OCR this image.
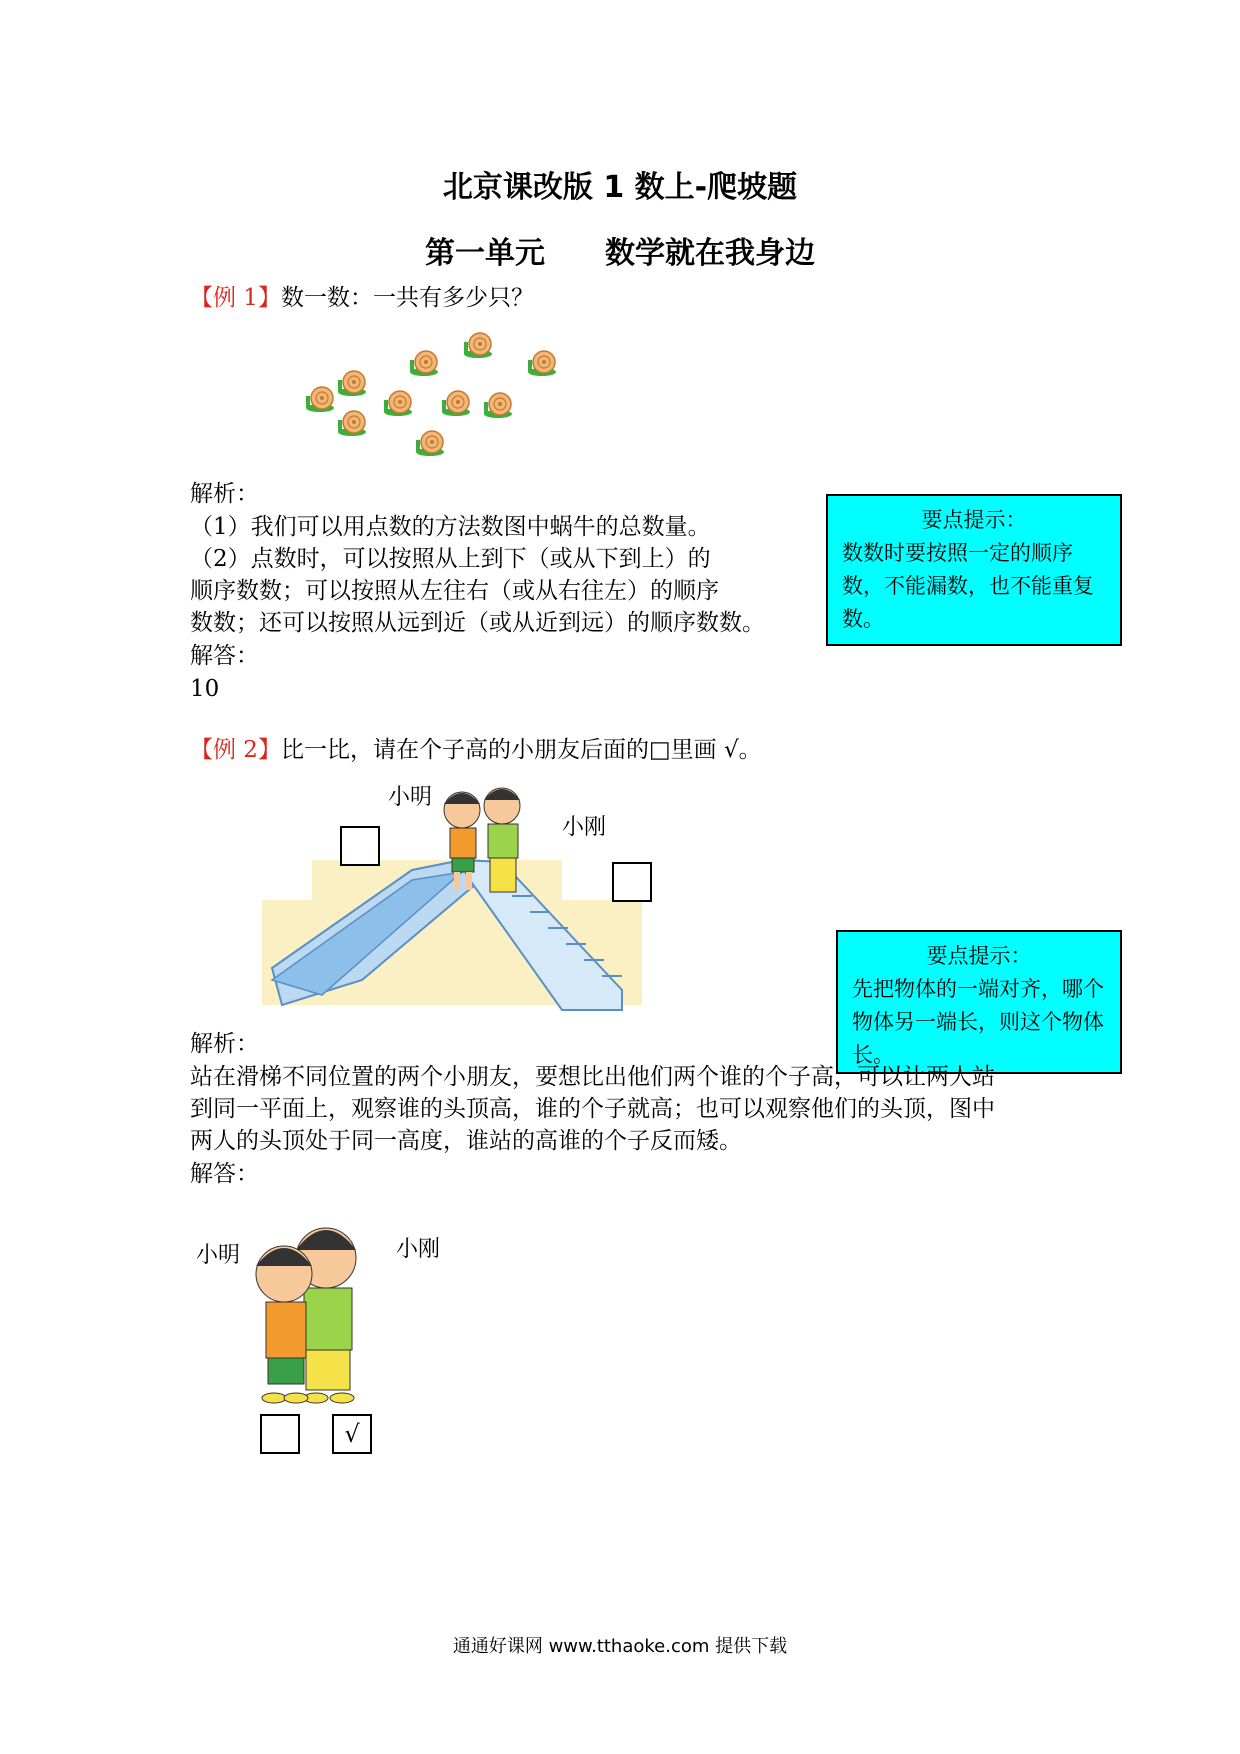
北京课改版 1 数上-爬坡题
第一单元 数学就在我身边
【例 1】数一数：一共有多少只？
解析：
（1）我们可以用点数的方法数图中蜗牛的总数量。
（2）点数时，可以按照从上到下（或从下到上）的
顺序数数；可以按照从左往右（或从右往左）的顺序
数数；还可以按照从远到近（或从近到远）的顺序数数。
解答：
10
要点提示：
数数时要按照一定的顺序数，不能漏数，也不能重复数。
【例 2】比一比，请在个子高的小朋友后面的□里画 √。
小明
小刚
要点提示：
先把物体的一端对齐，哪个物体另一端长，则这个物体长。
解析：
站在滑梯不同位置的两个小朋友，要想比出他们两个谁的个子高，可以让两人站
到同一平面上，观察谁的头顶高，谁的个子就高；也可以观察他们的头顶，图中
两人的头顶处于同一高度，谁站的高谁的个子反而矮。
解答：
小明	小刚
√
通通好课网 www.tthaoke.com 提供下载
